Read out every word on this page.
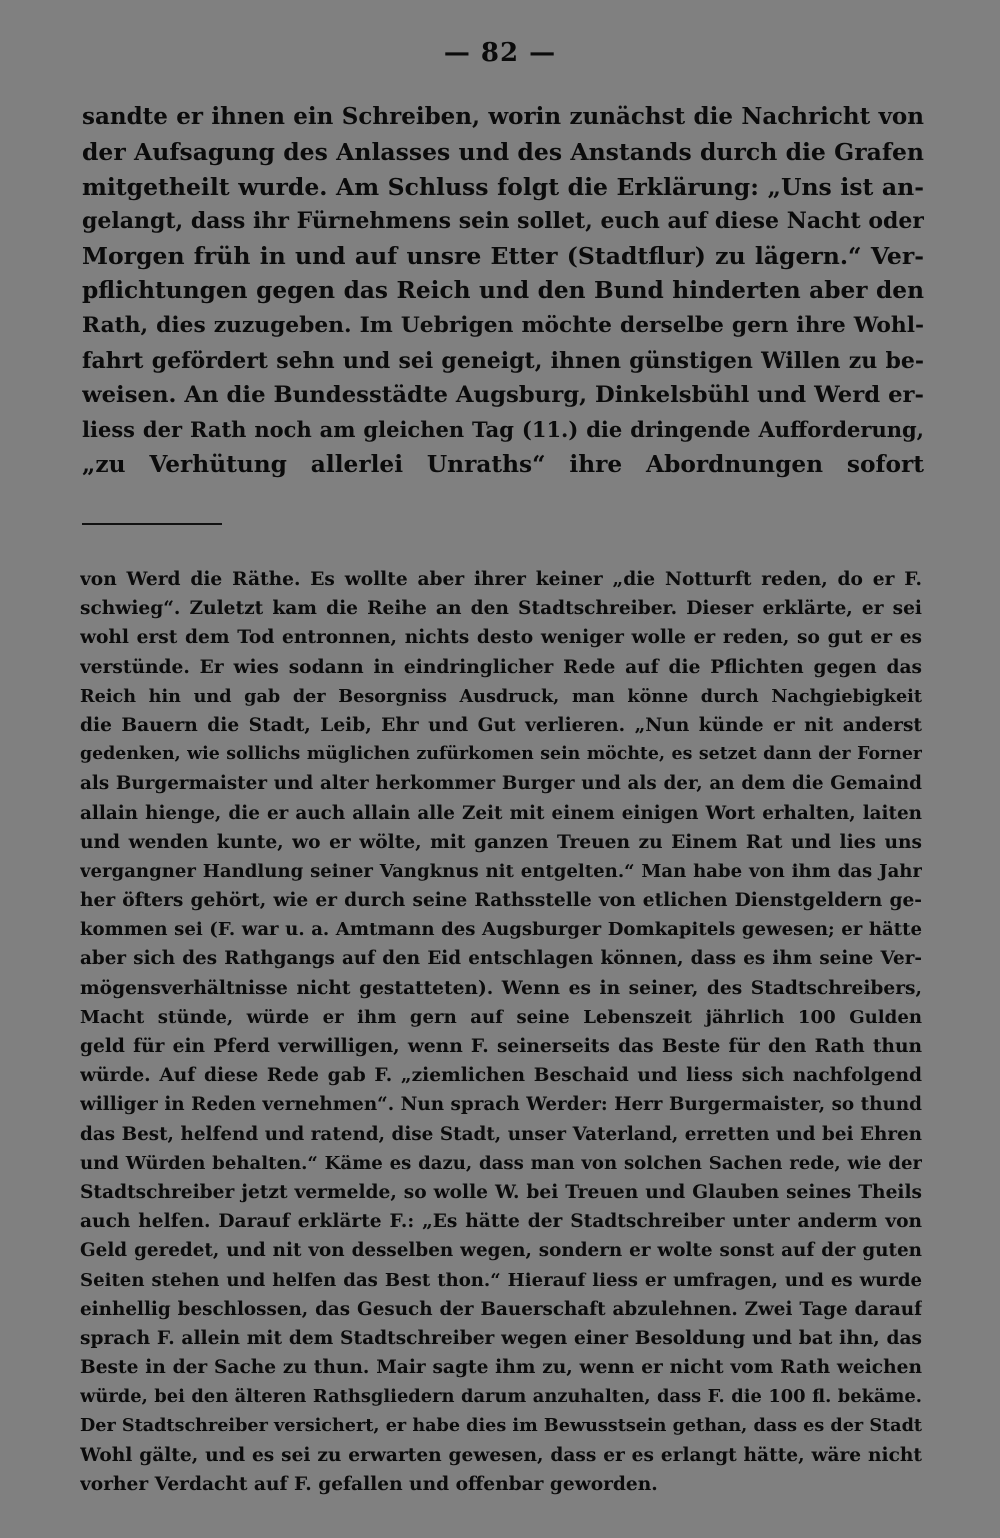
— 82 —
sandte er ihnen ein Schreiben, worin zunächst die Nachricht von
der Aufsagung des Anlasses und des Anstands durch die Grafen
mitgetheilt wurde. Am Schluss folgt die Erklärung: „Uns ist an-
gelangt, dass ihr Fürnehmens sein sollet, euch auf diese Nacht oder
Morgen früh in und auf unsre Etter (Stadtflur) zu lägern.“ Ver-
pflichtungen gegen das Reich und den Bund hinderten aber den
Rath, dies zuzugeben. Im Uebrigen möchte derselbe gern ihre Wohl-
fahrt gefördert sehn und sei geneigt, ihnen günstigen Willen zu be-
weisen. An die Bundesstädte Augsburg, Dinkelsbühl und Werd er-
liess der Rath noch am gleichen Tag (11.) die dringende Aufforderung,
„zu Verhütung allerlei Unraths“ ihre Abordnungen sofort
von Werd die Räthe. Es wollte aber ihrer keiner „die Notturft reden, do er F.
schwieg“. Zuletzt kam die Reihe an den Stadtschreiber. Dieser erklärte, er sei
wohl erst dem Tod entronnen, nichts desto weniger wolle er reden, so gut er es
verstünde. Er wies sodann in eindringlicher Rede auf die Pflichten gegen das
Reich hin und gab der Besorgniss Ausdruck, man könne durch Nachgiebigkeit
die Bauern die Stadt, Leib, Ehr und Gut verlieren. „Nun künde er nit anderst
gedenken, wie sollichs müglichen zufürkomen sein möchte, es setzet dann der Forner
als Burgermaister und alter herkommer Burger und als der, an dem die Gemaind
allain hienge, die er auch allain alle Zeit mit einem einigen Wort erhalten, laiten
und wenden kunte, wo er wölte, mit ganzen Treuen zu Einem Rat und lies uns
vergangner Handlung seiner Vangknus nit entgelten.“ Man habe von ihm das Jahr
her öfters gehört, wie er durch seine Rathsstelle von etlichen Dienstgeldern ge-
kommen sei (F. war u. a. Amtmann des Augsburger Domkapitels gewesen; er hätte
aber sich des Rathgangs auf den Eid entschlagen können, dass es ihm seine Ver-
mögensverhältnisse nicht gestatteten). Wenn es in seiner, des Stadtschreibers,
Macht stünde, würde er ihm gern auf seine Lebenszeit jährlich 100 Gulden
geld für ein Pferd verwilligen, wenn F. seinerseits das Beste für den Rath thun
würde. Auf diese Rede gab F. „ziemlichen Beschaid und liess sich nachfolgend
williger in Reden vernehmen“. Nun sprach Werder: Herr Burgermaister, so thund
das Best, helfend und ratend, dise Stadt, unser Vaterland, erretten und bei Ehren
und Würden behalten.“ Käme es dazu, dass man von solchen Sachen rede, wie der
Stadtschreiber jetzt vermelde, so wolle W. bei Treuen und Glauben seines Theils
auch helfen. Darauf erklärte F.: „Es hätte der Stadtschreiber unter anderm von
Geld geredet, und nit von desselben wegen, sondern er wolte sonst auf der guten
Seiten stehen und helfen das Best thon.“ Hierauf liess er umfragen, und es wurde
einhellig beschlossen, das Gesuch der Bauerschaft abzulehnen. Zwei Tage darauf
sprach F. allein mit dem Stadtschreiber wegen einer Besoldung und bat ihn, das
Beste in der Sache zu thun. Mair sagte ihm zu, wenn er nicht vom Rath weichen
würde, bei den älteren Rathsgliedern darum anzuhalten, dass F. die 100 fl. bekäme.
Der Stadtschreiber versichert, er habe dies im Bewusstsein gethan, dass es der Stadt
Wohl gälte, und es sei zu erwarten gewesen, dass er es erlangt hätte, wäre nicht
vorher Verdacht auf F. gefallen und offenbar geworden.
